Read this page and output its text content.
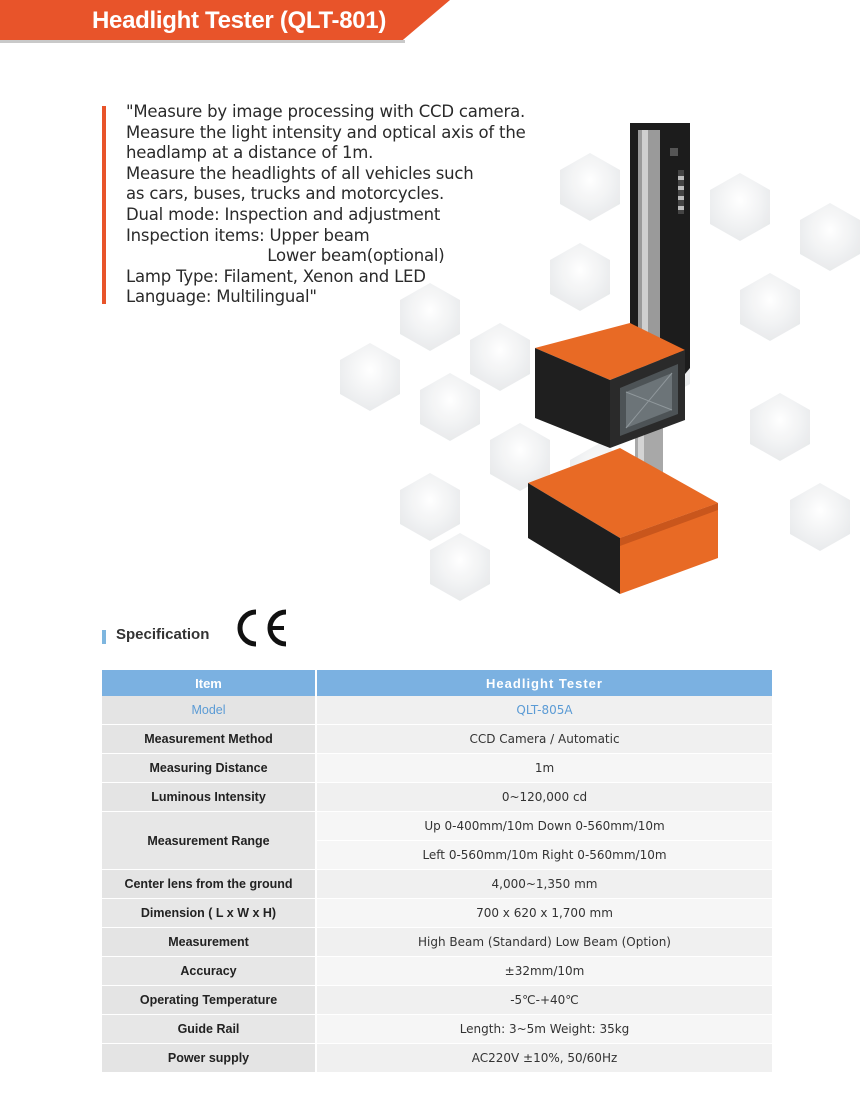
Headlight Tester (QLT-801)
"Measure by image processing with CCD camera.
Measure the light intensity and optical axis of the
headlamp at a distance of 1m.
Measure the headlights of all vehicles such
as cars, buses, trucks and motorcycles.
Dual mode: Inspection and adjustment
Inspection items: Upper beam
Lower beam(optional)
Lamp Type: Filament, Xenon and LED
Language: Multilingual"
Specification
Item	Headlight Tester
Model	QLT-805A
Measurement Method	CCD Camera / Automatic
Measuring Distance	1m
Luminous Intensity	0~120,000 cd
Measurement Range	Up 0-400mm/10m Down 0-560mm/10m
	Left 0-560mm/10m Right 0-560mm/10m
Center lens from the ground	4,000~1,350 mm
Dimension ( L x W x H)	700 x 620 x 1,700 mm
Measurement	High Beam (Standard) Low Beam (Option)
Accuracy	±32mm/10m
Operating Temperature	-5℃-+40℃
Guide Rail	Length: 3~5m Weight: 35kg
Power supply	AC220V ±10%, 50/60Hz
